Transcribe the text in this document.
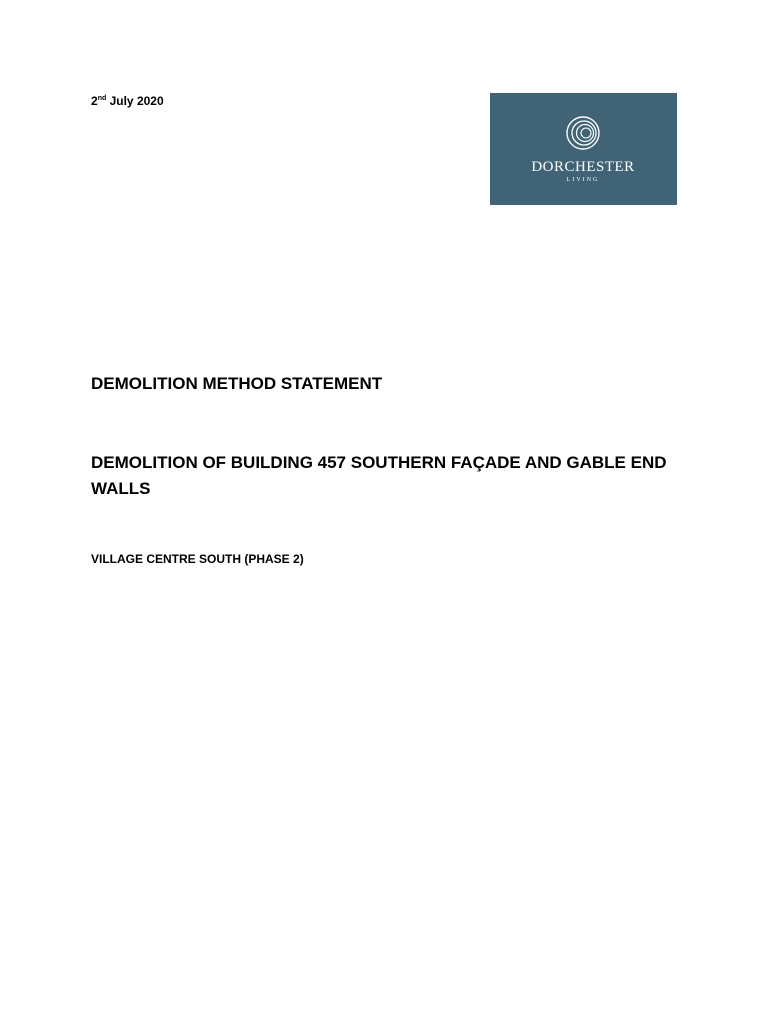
2nd July 2020
DORCHESTER
LIVING
DEMOLITION METHOD STATEMENT
DEMOLITION OF BUILDING 457 SOUTHERN FAÇADE AND GABLE END WALLS
VILLAGE CENTRE SOUTH (PHASE 2)
